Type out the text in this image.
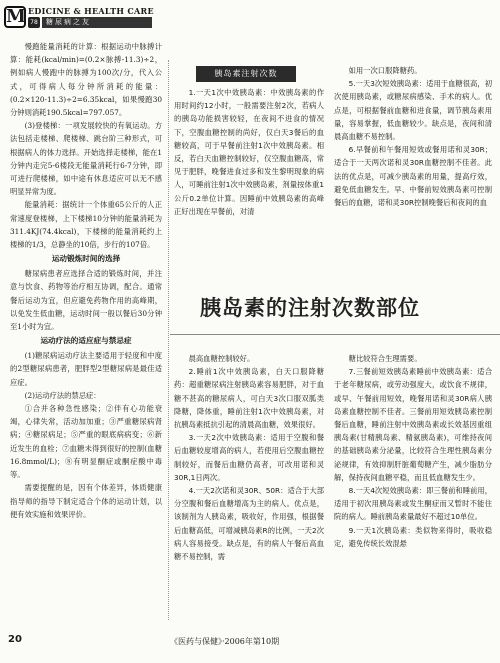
M EDICINE & HEALTH CARE
78	糖尿病之友

慢跑能量消耗的计算：根据运动中脉搏计算：能耗(kcal/min)=(0.2×脉搏-11.3)÷2，例如病人慢跑中的脉搏为100次/分，代入公式，可得病人每分钟所消耗的能量：(0.2×120-11.3)÷2=6.35kcal，如果慢跑30分钟则消耗190.5kcal=797.057。

(3)登楼梯：一项发展较快的有氧运动。方法包括走楼梯、爬楼梯、跳台阶三种形式，可根据病人的体力选择。开始选择走楼梯，能在1分钟内走完5-6楼段无能量消耗行6-7分钟，即可进行爬楼梯，如中途有休息适应可以无不感明显异常为度。

能量消耗：据统计一个体重65公斤的人正常速度登楼梯，上下楼梯10分钟的能量消耗为311.4KJ(74.4kcal)，下楼梯的能量消耗约上楼梯的1/3，总静坐的10倍，步行的107倍。

运动锻炼时间的选择

糖尿病患者应选择合适的锻炼时间，并注意与饮食、药物等治疗相互协调，配合。通常餐后运动为宜，但应避免药物作用的高峰期，以免发生低血糖，运动时间一般以餐后30分钟至1小时为宜。

运动疗法的适应症与禁忌症

(1)糖尿病运动疗法主要适用于轻度和中度的2型糖尿病患者，肥胖型2型糖尿病是最佳适应症。

(2)运动疗法的禁忌症：

①合并各种急性感染；②伴有心功能衰竭，心律失常，活动加加重；③严重糖尿病肾病；④糖尿病足；⑤严重的眼底病病变；⑥新近发生的血栓；⑦血糖未得到很好的控制(血糖16.8mmol/L)；⑧有明显酮症或酮症酸中毒等。

需要提醒的是，因有个体差异，体质健康指导师的指导下制定适合个体的运动计划，以便有效实施和效果评价。

胰岛素注射次数

1.一天1次中效胰岛素：中效胰岛素的作用时间约12小时，一般需要注射2次，若病人的胰岛功能损害较轻，在夜间不进食的情况下，空腹血糖控制的尚好，仅白天3餐后的血糖较高，可于早餐前注射1次中效胰岛素。相反，若白天血糖控制较好，仅空腹血糖高，常见于肥胖，晚餐进食过多和发生黎明现象的病人，可睡前注射1次中效胰岛素，剂量按体重1公斤0.2单位计算。因睡前中效胰岛素的高峰正好出现在早餐前，对清

如用一次口服降糖药。

5.一天3次短效胰岛素：适用于血糖很高，初次使用胰岛素，或糖尿病感染、手术的病人。优点是，可根据餐前血糖和进食量，调节胰岛素用量，容易掌握，低血糖较少。缺点是，夜间和清晨高血糖不易控制。

6.早餐前和午餐用短效或餐用诺和灵30R；适合于一天两次诺和灵30R血糖控制不佳者。此法的优点是，可减少胰岛素的用量，提高疗效，避免低血糖发生。早、中餐前短效胰岛素可控制餐后的血糖，诺和灵30R控制晚餐后和夜间的血

胰岛素的注射次数部位

晨高血糖控制较好。

2.睡前1次中效胰岛素，白天口服降糖药：超重糖尿病注射胰岛素容易肥胖，对于血糖不甚高的糖尿病人，可白天3次口服双胍类降糖，降体重，睡前注射1次中效胰岛素，对抗胰岛素抵抗引起的清晨高血糖，效果很好。

3.一天2次中效胰岛素：适用于空腹和餐后血糖较度增高的病人，若使用后空腹血糖控制较好，而餐后血糖仍高者，可改用诺和灵30R,1日两次。

4.一天2次诺和灵30R、50R：适合于大部分空腹和餐后血糖增高为主的病人。优点是，该制剂为人胰岛素，吸收好，作用强，根据餐后血糖高低，可增减胰岛素R的比例，一天2次病人容易接受。缺点是，有的病人午餐后高血糖不易控制，需

糖比较符合生理需要。

7.三餐前短效胰岛素睡前中效胰岛素：适合于老年糖尿病，或劳动强度大，或饮食不规律，或早、午餐前用短效，晚餐用诺和灵30R病人胰岛素血糖控制不佳者。三餐前用短效胰岛素控制餐后血糖，睡前注射中效胰岛素或长效基因重组胰岛素(甘精胰岛素、精氨胰岛素)，可维持夜间的基础胰岛素分泌量，比较符合生理性胰岛素分泌规律，有效抑制肝脏葡萄糖产生，减少脂肪分解，保持夜间血糖平稳，而且低血糖发生少。

8.一天4次短效胰岛素：即三餐前和睡前用，适用于初次用胰岛素或发生酮症而又暂时不能住院的病人。睡前胰岛素量最好不超过10单位。

9.一天1次胰岛素：类似物来得时，吸收稳定，避免传统长效混悬

20	《医药与保健》·2006年第10期
